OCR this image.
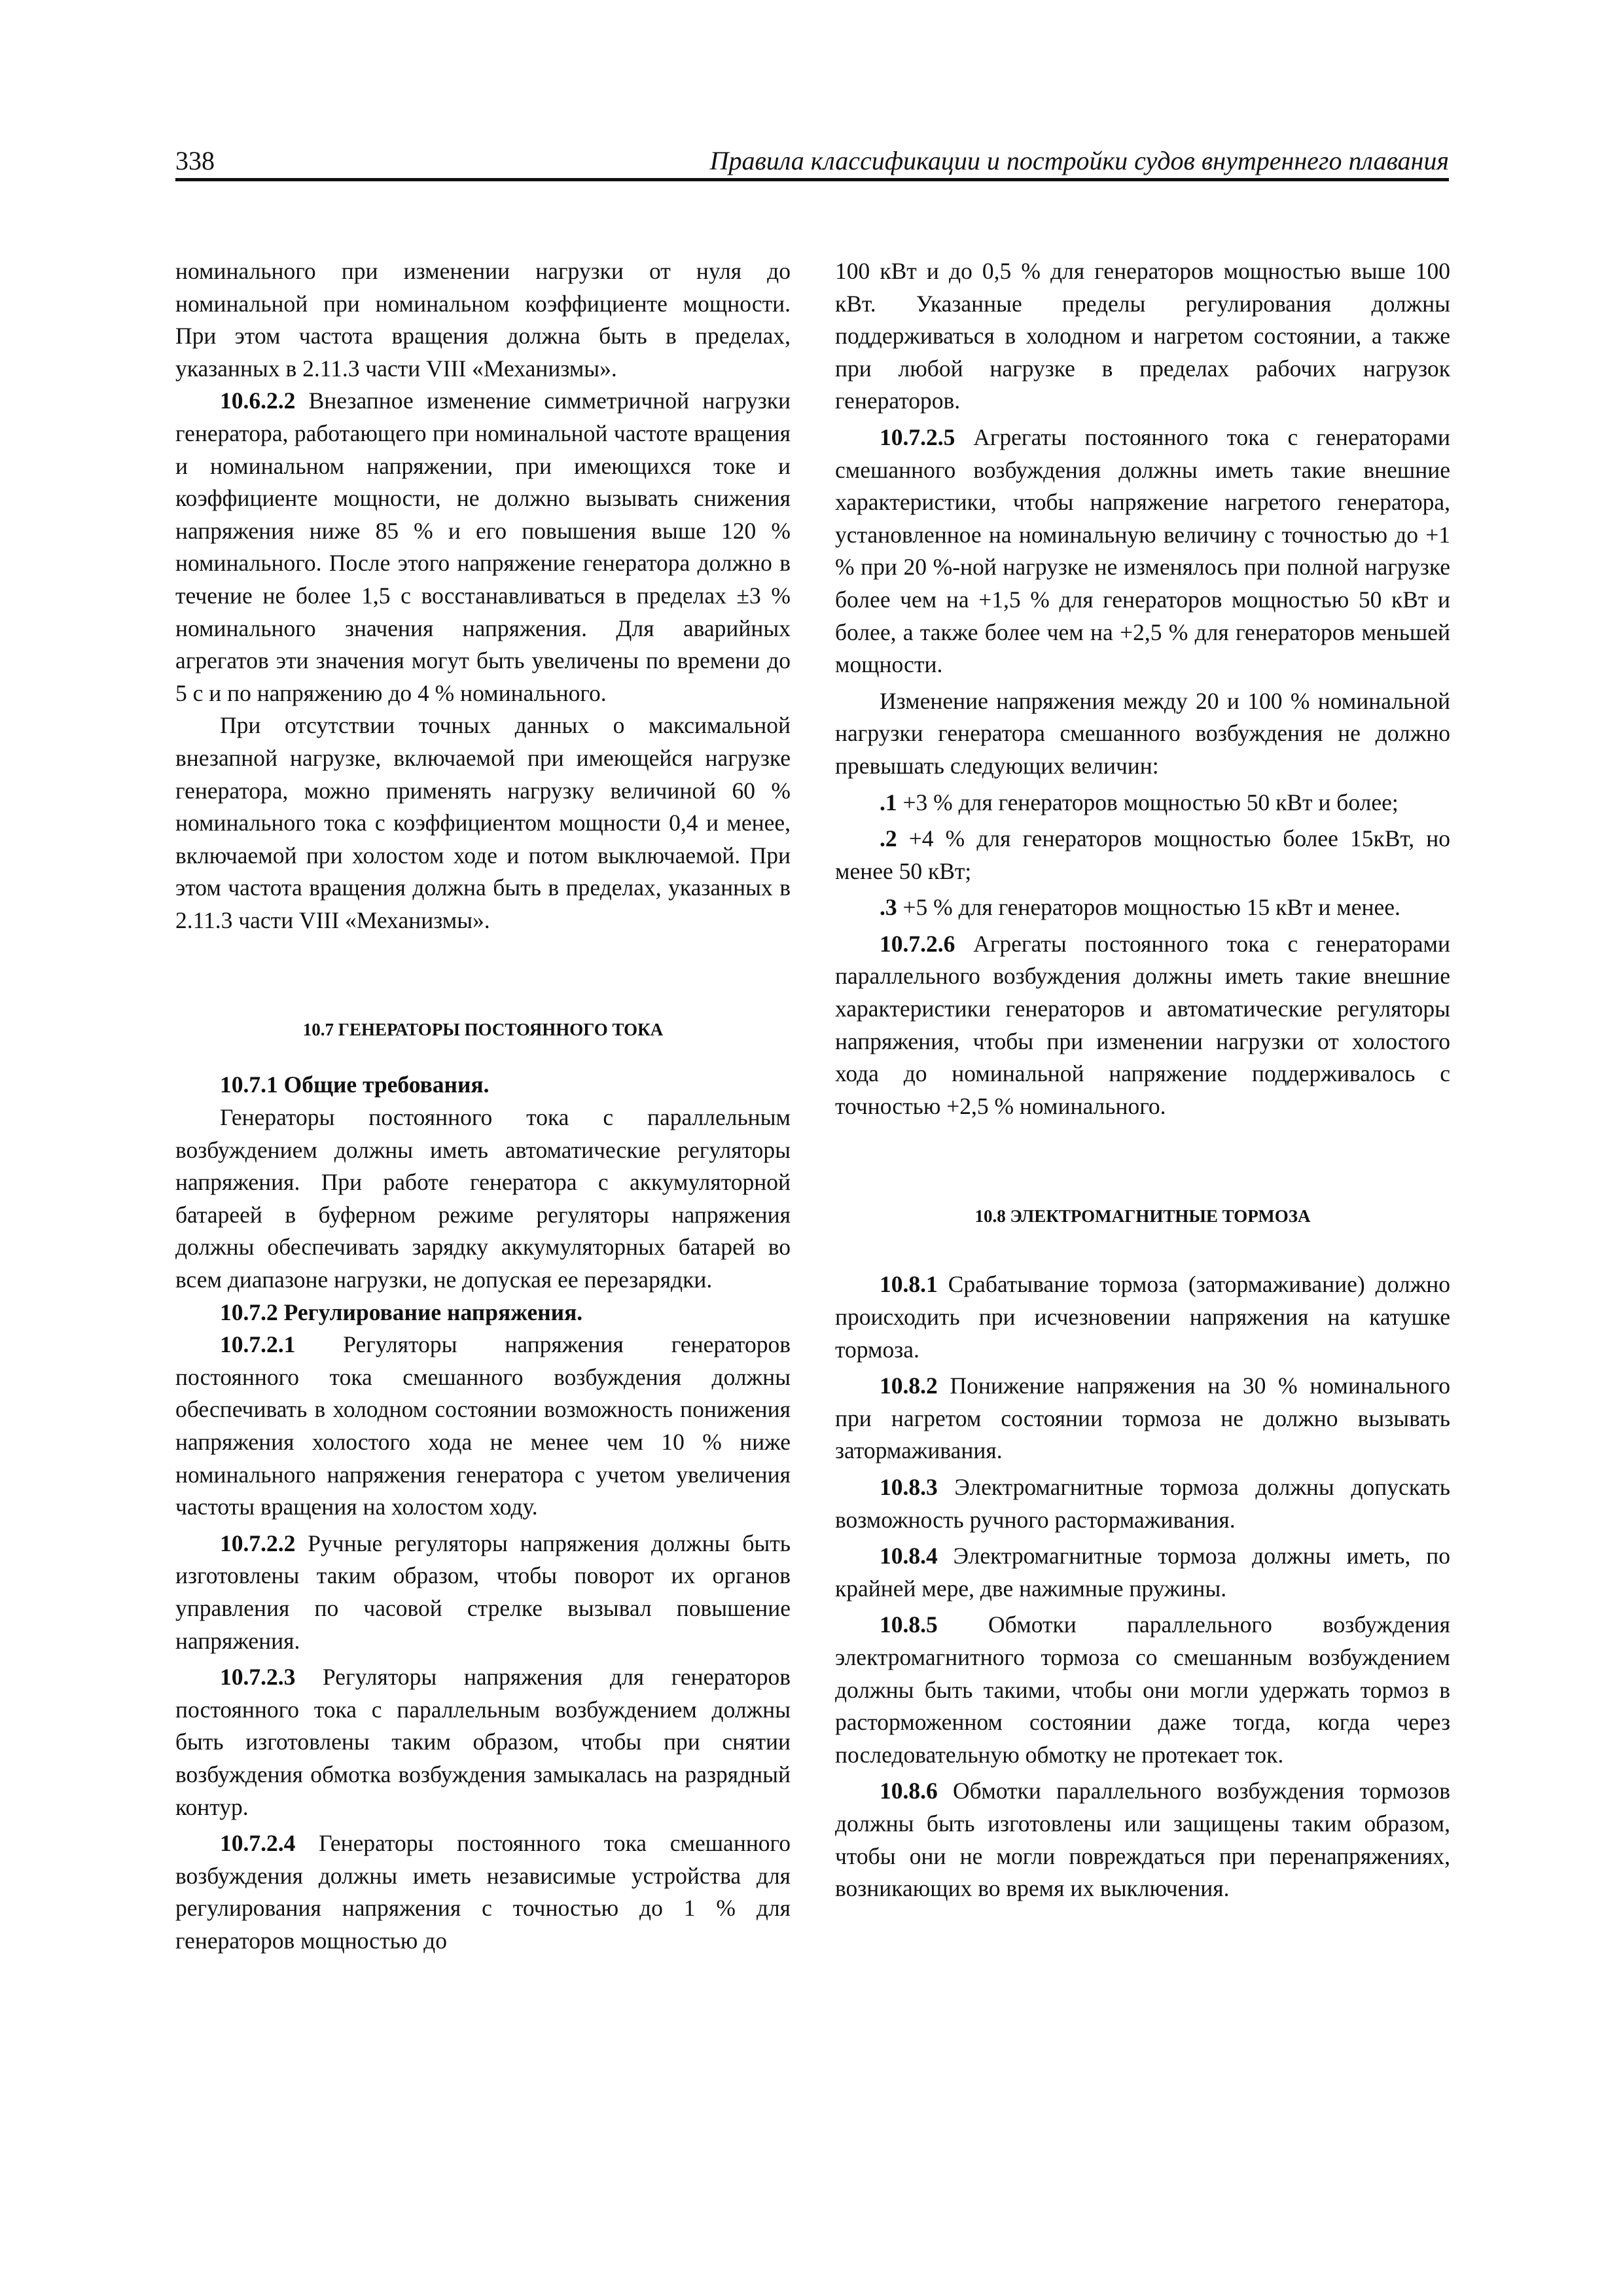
338	Правила классификации и постройки судов внутреннего плавания

номинального при изменении нагрузки от нуля до номинальной при номинальном коэффициенте мощности. При этом частота вращения должна быть в пределах, указанных в 2.11.3 части VIII «Механизмы».

10.6.2.2 Внезапное изменение симметричной нагрузки генератора, работающего при номинальной частоте вращения и номинальном напряжении, при имеющихся токе и коэффициенте мощности, не должно вызывать снижения напряжения ниже 85 % и его повышения выше 120 % номинального. После этого напряжение генератора должно в течение не более 1,5 с восстанавливаться в пределах ±3 % номинального значения напряжения. Для аварийных агрегатов эти значения могут быть увеличены по времени до 5 с и по напряжению до 4 % номинального.

При отсутствии точных данных о максимальной внезапной нагрузке, включаемой при имеющейся нагрузке генератора, можно применять нагрузку величиной 60 % номинального тока с коэффициентом мощности 0,4 и менее, включаемой при холостом ходе и потом выключаемой. При этом частота вращения должна быть в пределах, указанных в 2.11.3 части VIII «Механизмы».

10.7 ГЕНЕРАТОРЫ ПОСТОЯННОГО ТОКА

10.7.1 Общие требования.

Генераторы постоянного тока с параллельным возбуждением должны иметь автоматические регуляторы напряжения. При работе генератора с аккумуляторной батареей в буферном режиме регуляторы напряжения должны обеспечивать зарядку аккумуляторных батарей во всем диапазоне нагрузки, не допуская ее перезарядки.

10.7.2 Регулирование напряжения.

10.7.2.1 Регуляторы напряжения генераторов постоянного тока смешанного возбуждения должны обеспечивать в холодном состоянии возможность понижения напряжения холостого хода не менее чем 10 % ниже номинального напряжения генератора с учетом увеличения частоты вращения на холостом ходу.

10.7.2.2 Ручные регуляторы напряжения должны быть изготовлены таким образом, чтобы поворот их органов управления по часовой стрелке вызывал повышение напряжения.

10.7.2.3 Регуляторы напряжения для генераторов постоянного тока с параллельным возбуждением должны быть изготовлены таким образом, чтобы при снятии возбуждения обмотка возбуждения замыкалась на разрядный контур.

10.7.2.4 Генераторы постоянного тока смешанного возбуждения должны иметь независимые устройства для регулирования напряжения с точностью до 1 % для генераторов мощностью до

100 кВт и до 0,5 % для генераторов мощностью выше 100 кВт. Указанные пределы регулирования должны поддерживаться в холодном и нагретом состоянии, а также при любой нагрузке в пределах рабочих нагрузок генераторов.

10.7.2.5 Агрегаты постоянного тока с генераторами смешанного возбуждения должны иметь такие внешние характеристики, чтобы напряжение нагретого генератора, установленное на номинальную величину с точностью до +1 % при 20 %-ной нагрузке не изменялось при полной нагрузке более чем на +1,5 % для генераторов мощностью 50 кВт и более, а также более чем на +2,5 % для генераторов меньшей мощности.

Изменение напряжения между 20 и 100 % номинальной нагрузки генератора смешанного возбуждения не должно превышать следующих величин:

.1 +3 % для генераторов мощностью 50 кВт и более;

.2 +4 % для генераторов мощностью более 15кВт, но менее 50 кВт;

.3 +5 % для генераторов мощностью 15 кВт и менее.

10.7.2.6 Агрегаты постоянного тока с генераторами параллельного возбуждения должны иметь такие внешние характеристики генераторов и автоматические регуляторы напряжения, чтобы при изменении нагрузки от холостого хода до номинальной напряжение поддерживалось с точностью +2,5 % номинального.

10.8 ЭЛЕКТРОМАГНИТНЫЕ ТОРМОЗА

10.8.1 Срабатывание тормоза (затормаживание) должно происходить при исчезновении напряжения на катушке тормоза.

10.8.2 Понижение напряжения на 30 % номинального при нагретом состоянии тормоза не должно вызывать затормаживания.

10.8.3 Электромагнитные тормоза должны допускать возможность ручного растормаживания.

10.8.4 Электромагнитные тормоза должны иметь, по крайней мере, две нажимные пружины.

10.8.5 Обмотки параллельного возбуждения электромагнитного тормоза со смешанным возбуждением должны быть такими, чтобы они могли удержать тормоз в расторможенном состоянии даже тогда, когда через последовательную обмотку не протекает ток.

10.8.6 Обмотки параллельного возбуждения тормозов должны быть изготовлены или защищены таким образом, чтобы они не могли повреждаться при перенапряжениях, возникающих во время их выключения.
